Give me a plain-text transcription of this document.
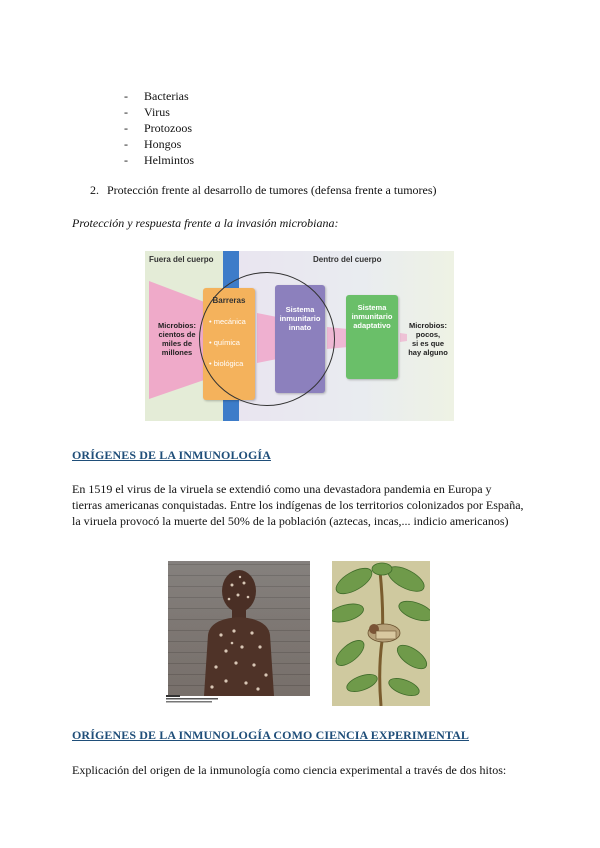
- Bacterias
- Virus
- Protozoos
- Hongos
- Helmintos
2. Protección frente al desarrollo de tumores (defensa frente a tumores)
Protección y respuesta frente a la invasión microbiana:
Fuera del cuerpo	Dentro del cuerpo
Microbios:
cientos de
miles de
millones
Barreras
• mecánica
• química
• biológica
Sistema
inmunitario
innato
Sistema
inmunitario
adaptativo	Microbios:
pocos,
si es que
hay alguno
ORÍGENES DE LA INMUNOLOGÍA
En 1519 el virus de la viruela se extendió como una devastadora pandemia en Europa y tierras americanas conquistadas. Entre los indígenas de los territorios colonizados por España, la viruela provocó la muerte del 50% de la población (aztecas, incas,... indicio americanos)
ORÍGENES DE LA INMUNOLOGÍA COMO CIENCIA EXPERIMENTAL
Explicación del origen de la inmunología como ciencia experimental a través de dos hitos:
